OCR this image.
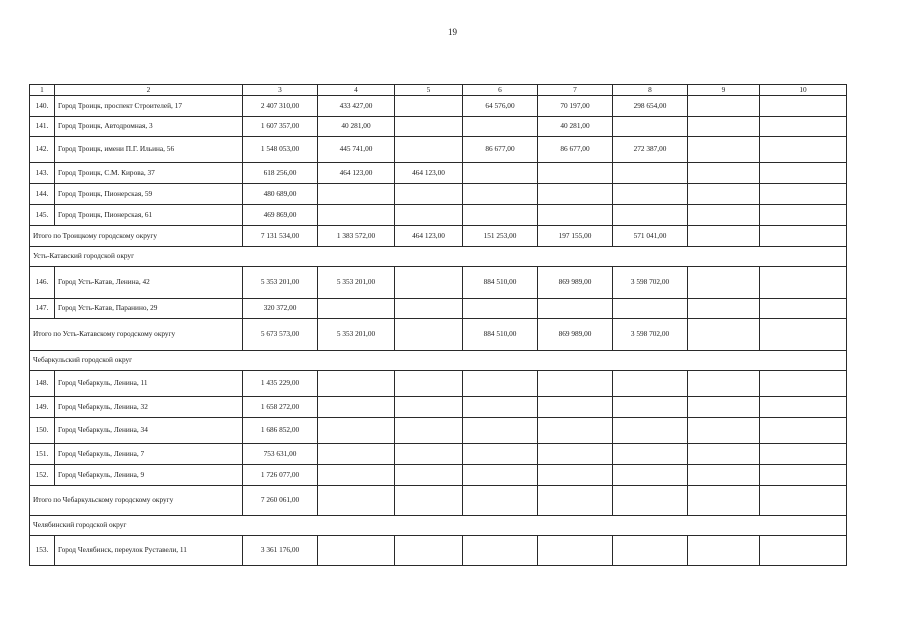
19
1	2	3	4	5	6	7	8	9	10
140.	Город Троицк, проспект Строителей, 17	2 407 310,00	433 427,00		64 576,00	70 197,00	298 654,00		
141.	Город Троицк, Автодромная, 3	1 607 357,00	40 281,00			40 281,00			
142.	Город Троицк, имени П.Г. Ильина, 56	1 548 053,00	445 741,00		86 677,00	86 677,00	272 387,00		
143.	Город Троицк, С.М. Кирова, 37	618 256,00	464 123,00	464 123,00					
144.	Город Троицк, Пионерская, 59	480 689,00							
145.	Город Троицк, Пионерская, 61	469 869,00							
Итого по Троицкому городскому округу		7 131 534,00	1 383 572,00	464 123,00	151 253,00	197 155,00	571 041,00		
Усть-Катавский городской округ									
146.	Город Усть-Катав, Ленина, 42	5 353 201,00	5 353 201,00		884 510,00	869 989,00	3 598 702,00		
147.	Город Усть-Катав, Паранино, 29	320 372,00							
Итого по Усть-Катавскому городскому округу		5 673 573,00	5 353 201,00		884 510,00	869 989,00	3 598 702,00		
Чебаркульский городской округ									
148.	Город Чебаркуль, Ленина, 11	1 435 229,00							
149.	Город Чебаркуль, Ленина, 32	1 658 272,00							
150.	Город Чебаркуль, Ленина, 34	1 686 852,00							
151.	Город Чебаркуль, Ленина, 7	753 631,00							
152.	Город Чебаркуль, Ленина, 9	1 726 077,00							
Итого по Чебаркульскому городскому округу		7 260 061,00							
Челябинский городской округ									
153.	Город Челябинск, переулок Руставели, 11	3 361 176,00							
